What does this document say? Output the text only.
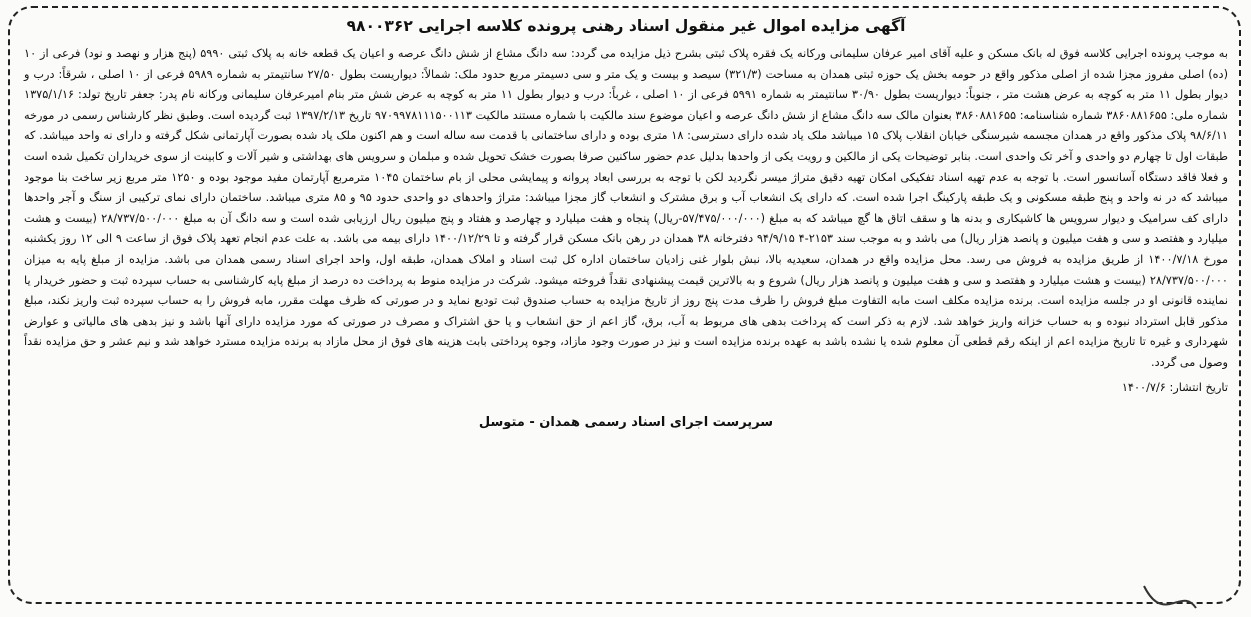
آگهی مزایده اموال غیر منقول اسناد رهنی پرونده کلاسه اجرایی ۹۸۰۰۳۶۲

به موجب پرونده اجرایی کلاسه فوق له بانک مسکن و علیه آقای امیر عرفان سلیمانی ورکانه یک فقره پلاک ثبتی بشرح ذیل مزایده می گردد: سه دانگ مشاع از شش دانگ عرصه و اعیان یک قطعه خانه به پلاک ثبتی ۵۹۹۰ (پنج هزار و نهصد و نود) فرعی از ۱۰ (ده) اصلی مفروز مجزا شده از اصلی مذکور واقع در حومه بخش یک حوزه ثبتی همدان به مساحت (۳۲۱/۳) سیصد و بیست و یک متر و سی دسیمتر مربع حدود ملک: شمالاً: دیواریست بطول ۲۷/۵۰ سانتیمتر به شماره ۵۹۸۹ فرعی از ۱۰ اصلی ، شرقاً: درب و دیوار بطول ۱۱ متر به کوچه به عرض هشت متر ، جنوباً: دیواریست بطول ۳۰/۹۰ سانتیمتر به شماره ۵۹۹۱ فرعی از ۱۰ اصلی ، غرباً: درب و دیوار بطول ۱۱ متر به کوچه به عرض شش متر بنام امیرعرفان سلیمانی ورکانه نام پدر: جعفر تاریخ تولد: ۱۳۷۵/۱/۱۶ شماره ملی: ۳۸۶۰۸۸۱۶۵۵ شماره شناسنامه: ۳۸۶۰۸۸۱۶۵۵ بعنوان مالک سه دانگ مشاع از شش دانگ عرصه و اعیان موضوع سند مالکیت با شماره مستند مالکیت ۹۷۰۹۹۷۸۱۱۱۵۰۰۱۱۳ تاریخ ۱۳۹۷/۲/۱۳ ثبت گردیده است. وطبق نظر کارشناس رسمی در مورخه ۹۸/۶/۱۱ پلاک مذکور واقع در همدان مجسمه شیرسنگی خیابان انقلاب پلاک ۱۵ میباشد ملک یاد شده دارای دسترسی: ۱۸ متری بوده و دارای ساختمانی با قدمت سه ساله است و هم اکنون ملک یاد شده بصورت آپارتمانی شکل گرفته و دارای نه واحد میباشد. که طبقات اول تا چهارم دو واحدی و آخر تک واحدی است. بنابر توضیحات یکی از مالکین و رویت یکی از واحدها بدلیل عدم حضور ساکنین صرفا بصورت خشک تحویل شده و مبلمان و سرویس های بهداشتی و شیر آلات و کابینت از سوی خریداران تکمیل شده است و فعلا فاقد دستگاه آسانسور است. با توجه به عدم تهیه اسناد تفکیکی امکان تهیه دقیق متراژ میسر نگردید لکن با توجه به بررسی ابعاد پروانه و پیمایشی محلی از بام ساختمان ۱۰۴۵ مترمربع آپارتمان مفید موجود بوده و ۱۲۵۰ متر مربع زیر ساخت بنا موجود میباشد که در نه واحد و پنج طبقه مسکونی و یک طبقه پارکینگ اجرا شده است. که دارای یک انشعاب آب و برق مشترک و انشعاب گاز مجزا میباشد: متراژ واحدهای دو واحدی حدود ۹۵ و ۸۵ متری میباشد. ساختمان دارای نمای ترکیبی از سنگ و آجر واحدها دارای کف سرامیک و دیوار سرویس ها کاشیکاری و بدنه ها و سقف اتاق ها گچ میباشد که به مبلغ (۵۷/۴۷۵/۰۰۰/۰۰۰-ریال) پنجاه و هفت میلیارد و چهارصد و هفتاد و پنج میلیون ریال ارزیابی شده است و سه دانگ آن به مبلغ ۲۸/۷۳۷/۵۰۰/۰۰۰ (بیست و هشت میلیارد و هفتصد و سی و هفت میلیون و پانصد هزار ریال) می باشد و به موجب سند ۲۱۵۳-۴ ۹۴/۹/۱۵ دفترخانه ۳۸ همدان در رهن بانک مسکن قرار گرفته و تا ۱۴۰۰/۱۲/۲۹ دارای بیمه می باشد. به علت عدم انجام تعهد پلاک فوق از ساعت ۹ الی ۱۲ روز یکشنبه مورخ ۱۴۰۰/۷/۱۸ از طریق مزایده به فروش می رسد. محل مزایده واقع در همدان، سعیدیه بالا، نبش بلوار غنی زادیان ساختمان اداره کل ثبت اسناد و املاک همدان، طبقه اول، واحد اجرای اسناد رسمی همدان می باشد. مزایده از مبلغ پایه به میزان ۲۸/۷۳۷/۵۰۰/۰۰۰ (بیست و هشت میلیارد و هفتصد و سی و هفت میلیون و پانصد هزار ریال) شروع و به بالاترین قیمت پیشنهادی نقداً فروخته میشود. شرکت در مزایده منوط به پرداخت ده درصد از مبلغ پایه کارشناسی به حساب سپرده ثبت و حضور خریدار یا نماینده قانونی او در جلسه مزایده است. برنده مزایده مکلف است مابه التفاوت مبلغ فروش را ظرف مدت پنج روز از تاریخ مزایده به حساب صندوق ثبت تودیع نماید و در صورتی که ظرف مهلت مقرر، مابه فروش را به حساب سپرده ثبت واریز نکند، مبلغ مذکور قابل استرداد نبوده و به حساب خزانه واریز خواهد شد. لازم به ذکر است که پرداخت بدهی های مربوط به آب، برق، گاز اعم از حق انشعاب و یا حق اشتراک و مصرف در صورتی که مورد مزایده دارای آنها باشد و نیز بدهی های مالیاتی و عوارض شهرداری و غیره تا تاریخ مزایده اعم از اینکه رقم قطعی آن معلوم شده یا نشده باشد به عهده برنده مزایده است و نیز در صورت وجود مازاد، وجوه پرداختی بابت هزینه های فوق از محل مازاد به برنده مزایده مسترد خواهد شد و نیم عشر و حق مزایده نقداً وصول می گردد.

تاریخ انتشار: ۱۴۰۰/۷/۶
سرپرست اجرای اسناد رسمی همدان - متوسل
